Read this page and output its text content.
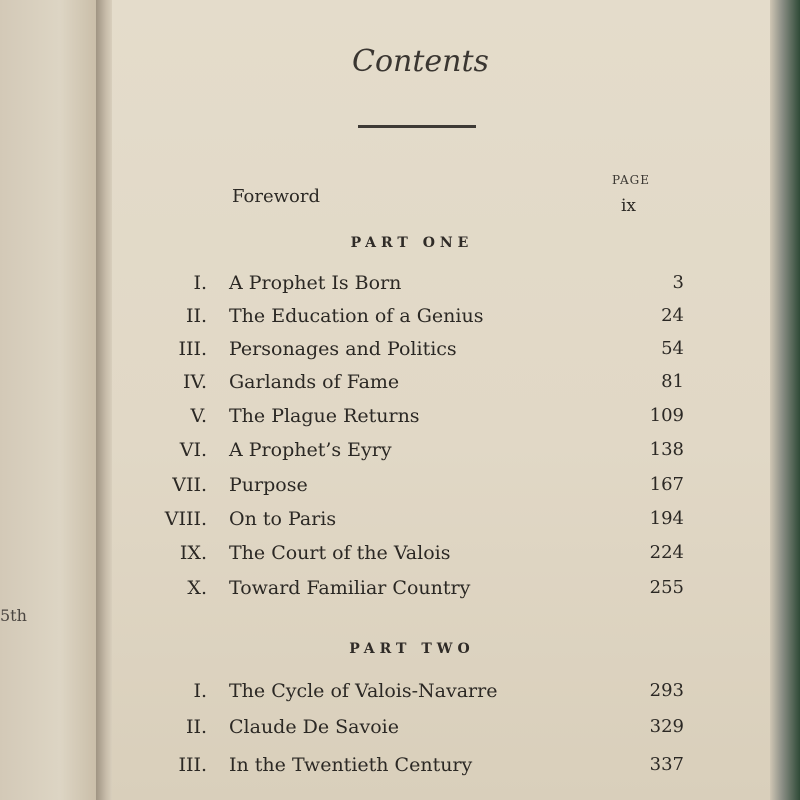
5th
Contents
PAGE
Foreword	ix
PART ONE
I. A Prophet Is Born	3
II. The Education of a Genius	24
III. Personages and Politics	54
IV. Garlands of Fame	81
V. The Plague Returns	109
VI. A Prophet’s Eyry	138
VII. Purpose	167
VIII. On to Paris	194
IX. The Court of the Valois	224
X. Toward Familiar Country	255
PART TWO
I. The Cycle of Valois-Navarre	293
II. Claude De Savoie	329
III. In the Twentieth Century	337
